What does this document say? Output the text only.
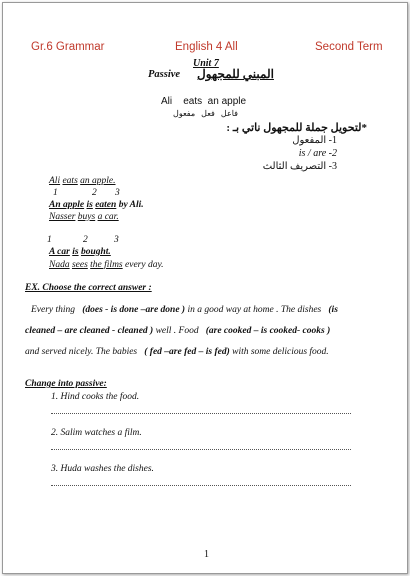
Gr.6 Grammar	English 4 All	Second Term
Unit 7
Passive المبني للمجهول
Ali    eats  an apple
فاعل   فعل   مفعول
*لتحويل جملة للمجهول ناتي بـ :
1- المفعول
is / are -2
3- التصريف الثالث
Ali eats an apple.
1	2 3
An apple is eaten by Ali.
Nasser buys a car.
1	2	3
A car is bought.
Nada sees the films every day.
EX. Choose the correct answer :
Every thing (does - is done –are done ) in a good way at home . The dishes (is
cleaned – are cleaned - cleaned ) well . Food (are cooked – is cooked- cooks )
and served nicely. The babies ( fed –are fed – is fed) with some delicious food.
Change into passive:
1. Hind cooks the food.
2. Salim watches a film.
3. Huda washes the dishes.
1
